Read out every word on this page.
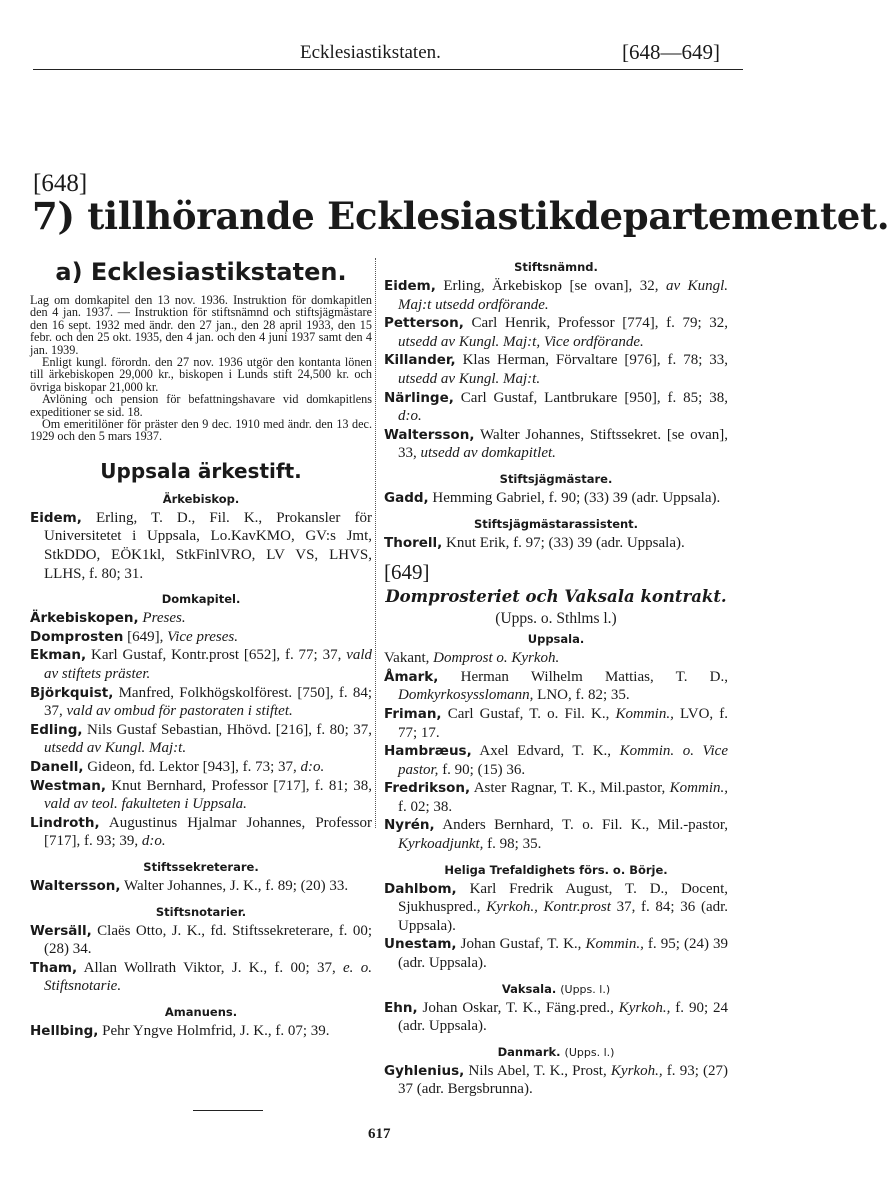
Ecklesiastikstaten.	[648—649]
[648]
7) tillhörande Ecklesiastikdepartementet.
a) Ecklesiastikstaten.
Lag om domkapitel den 13 nov. 1936. Instruktion för domkapitlen den 4 jan. 1937. — Instruktion för stiftsnämnd och stiftsjägmästare den 16 sept. 1932 med ändr. den 27 jan., den 28 april 1933, den 15 febr. och den 25 okt. 1935, den 4 jan. och den 4 juni 1937 samt den 4 jan. 1939.
Enligt kungl. förordn. den 27 nov. 1936 utgör den kontanta lönen till ärkebiskopen 29,000 kr., biskopen i Lunds stift 24,500 kr. och övriga biskopar 21,000 kr.
Avlöning och pension för befattningshavare vid domkapitlens expeditioner se sid. 18.
Om emeritilöner för präster den 9 dec. 1910 med ändr. den 13 dec. 1929 och den 5 mars 1937.
Uppsala ärkestift.
Ärkebiskop.
Eidem, Erling, T. D., Fil. K., Prokansler för Universitetet i Uppsala, Lo.KavKMO, GV:s Jmt, StkDDO, EÖK1kl, StkFinlVRO, LV VS, LHVS, LLHS, f. 80; 31.
Domkapitel.
Ärkebiskopen, Preses.
Domprosten [649], Vice preses.
Ekman, Karl Gustaf, Kontr.prost [652], f. 77; 37, vald av stiftets präster.
Björkquist, Manfred, Folkhögskolförest. [750], f. 84; 37, vald av ombud för pastoraten i stiftet.
Edling, Nils Gustaf Sebastian, Hhövd. [216], f. 80; 37, utsedd av Kungl. Maj:t.
Danell, Gideon, fd. Lektor [943], f. 73; 37, d:o.
Westman, Knut Bernhard, Professor [717], f. 81; 38, vald av teol. fakulteten i Uppsala.
Lindroth, Augustinus Hjalmar Johannes, Professor [717], f. 93; 39, d:o.
Stiftssekreterare.
Waltersson, Walter Johannes, J. K., f. 89; (20) 33.
Stiftsnotarier.
Wersäll, Claës Otto, J. K., fd. Stiftssekreterare, f. 00; (28) 34.
Tham, Allan Wollrath Viktor, J. K., f. 00; 37, e. o. Stiftsnotarie.
Amanuens.
Hellbing, Pehr Yngve Holmfrid, J. K., f. 07; 39.
Stiftsnämnd.
Eidem, Erling, Ärkebiskop [se ovan], 32, av Kungl. Maj:t utsedd ordförande.
Petterson, Carl Henrik, Professor [774], f. 79; 32, utsedd av Kungl. Maj:t, Vice ordförande.
Killander, Klas Herman, Förvaltare [976], f. 78; 33, utsedd av Kungl. Maj:t.
Närlinge, Carl Gustaf, Lantbrukare [950], f. 85; 38, d:o.
Waltersson, Walter Johannes, Stiftssekret. [se ovan], 33, utsedd av domkapitlet.
Stiftsjägmästare.
Gadd, Hemming Gabriel, f. 90; (33) 39 (adr. Uppsala).
Stiftsjägmästarassistent.
Thorell, Knut Erik, f. 97; (33) 39 (adr. Uppsala).
[649]
Domprosteriet och Vaksala kontrakt.
(Upps. o. Sthlms l.)
Uppsala.
Vakant, Domprost o. Kyrkoh.
Åmark, Herman Wilhelm Mattias, T. D., Domkyrkosysslomann, LNO, f. 82; 35.
Friman, Carl Gustaf, T. o. Fil. K., Kommin., LVO, f. 77; 17.
Hambræus, Axel Edvard, T. K., Kommin. o. Vice pastor, f. 90; (15) 36.
Fredrikson, Aster Ragnar, T. K., Mil.pastor, Kommin., f. 02; 38.
Nyrén, Anders Bernhard, T. o. Fil. K., Mil.-pastor, Kyrkoadjunkt, f. 98; 35.
Heliga Trefaldighets förs. o. Börje.
Dahlbom, Karl Fredrik August, T. D., Docent, Sjukhuspred., Kyrkoh., Kontr.prost 37, f. 84; 36 (adr. Uppsala).
Unestam, Johan Gustaf, T. K., Kommin., f. 95; (24) 39 (adr. Uppsala).
Vaksala. (Upps. l.)
Ehn, Johan Oskar, T. K., Fäng.pred., Kyrkoh., f. 90; 24 (adr. Uppsala).
Danmark. (Upps. l.)
Gyhlenius, Nils Abel, T. K., Prost, Kyrkoh., f. 93; (27) 37 (adr. Bergsbrunna).
617
